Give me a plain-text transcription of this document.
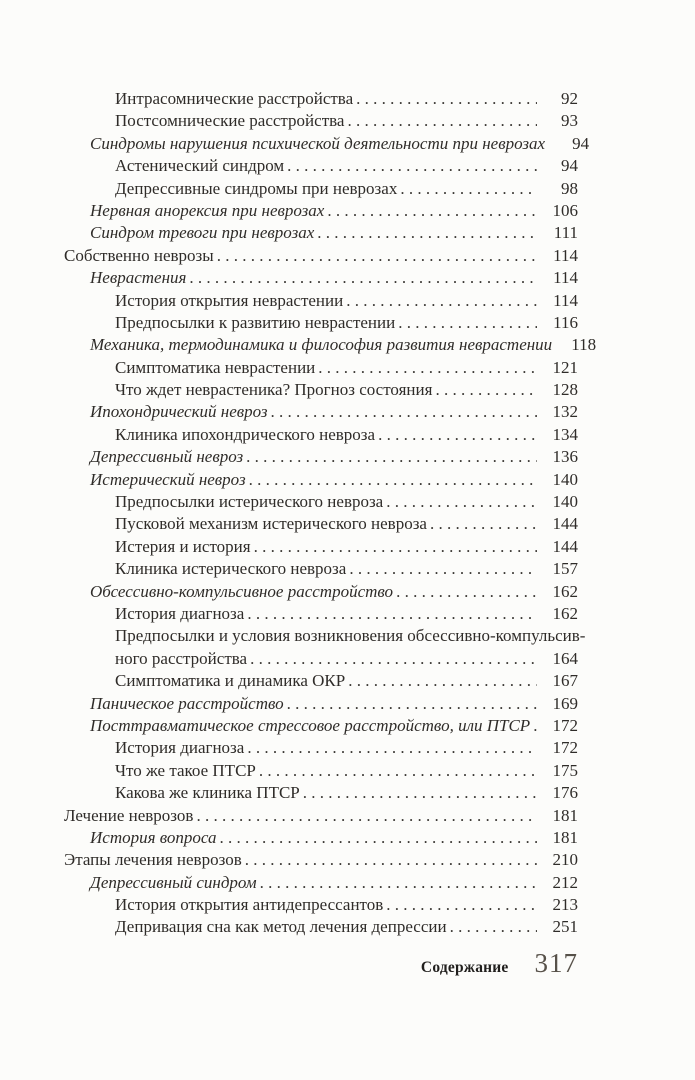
Интрасомнические расстройства . . .	92
Постсомнические расстройства . . .	93
Синдромы нарушения психической деятельности при неврозах	94
Астенический синдром . . .	94
Депрессивные синдромы при неврозах . . .	98
Нервная анорексия при неврозах . . .	106
Синдром тревоги при неврозах . . .	111
Собственно неврозы . . .	114
Неврастения . . .	114
История открытия неврастении . . .	114
Предпосылки к развитию неврастении . . .	116
Механика, термодинамика и философия развития неврастении	118
Симптоматика неврастении . . .	121
Что ждет неврастеника? Прогноз состояния . . .	128
Ипохондрический невроз . . .	132
Клиника ипохондрического невроза . . .	134
Депрессивный невроз . . .	136
Истерический невроз . . .	140
Предпосылки истерического невроза . . .	140
Пусковой механизм истерического невроза . . .	144
Истерия и история . . .	144
Клиника истерического невроза . . .	157
Обсессивно-компульсивное расстройство . . .	162
История диагноза . . .	162
Предпосылки и условия возникновения обсессивно-компульсив-
ного расстройства . . .	164
Симптоматика и динамика ОКР . . .	167
Паническое расстройство . . .	169
Посттравматическое стрессовое расстройство, или ПТСР . . .	172
История диагноза . . .	172
Что же такое ПТСР . . .	175
Какова же клиника ПТСР . . .	176
Лечение неврозов . . .	181
История вопроса . . .	181
Этапы лечения неврозов . . .	210
Депрессивный синдром . . .	212
История открытия антидепрессантов . . .	213
Депривация сна как метод лечения депрессии . . .	251
Содержание 317
